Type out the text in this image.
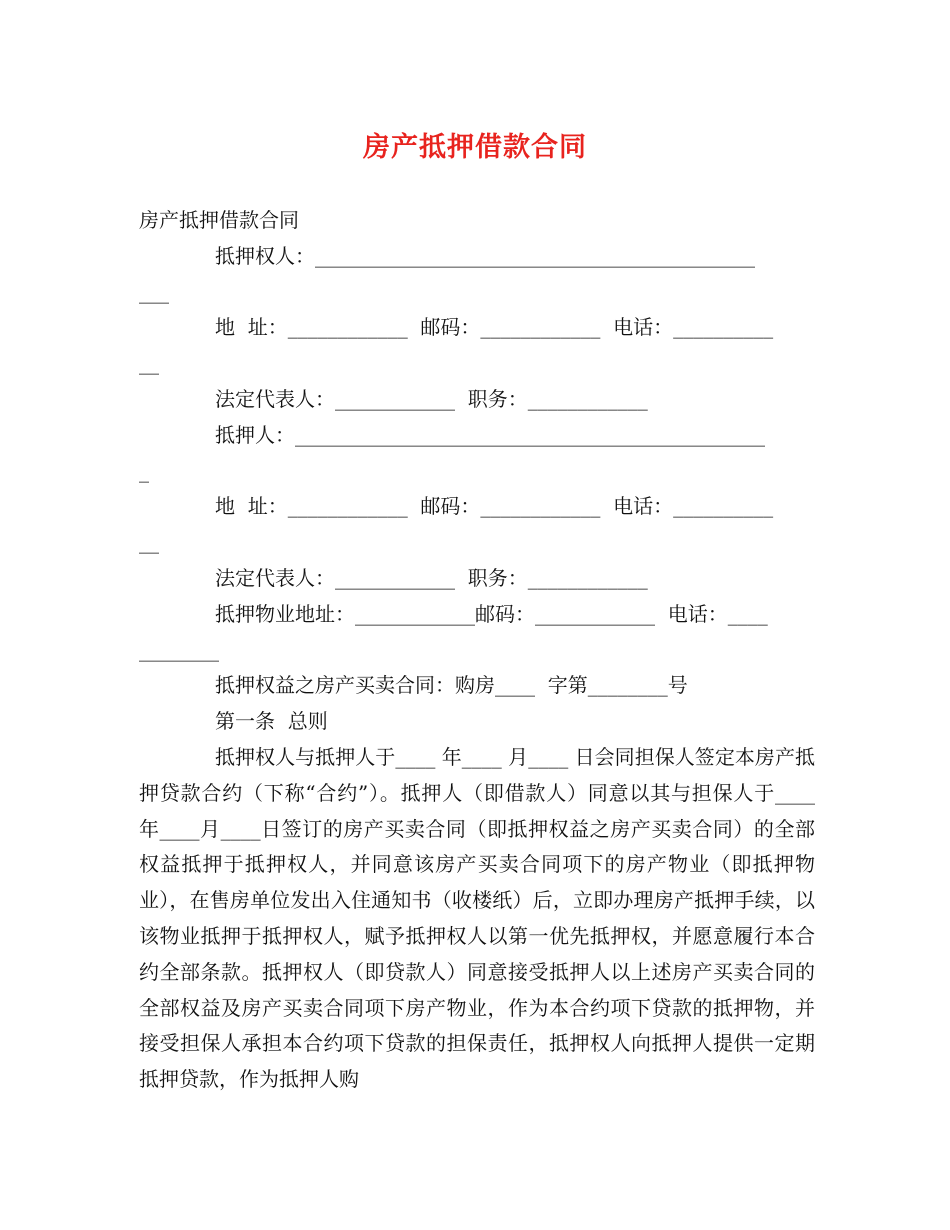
房产抵押借款合同
房产抵押借款合同
抵押权人：____________________________________________
___
地  址：____________  邮码：____________  电话：__________
__
法定代表人：____________  职务：____________
抵押人：_______________________________________________
_
地  址：____________  邮码：____________  电话：__________
__
法定代表人：____________  职务：____________
抵押物业地址：____________邮码：____________  电话：____
________
抵押权益之房产买卖合同：购房____  字第________号
第一条  总则
抵押权人与抵押人于____ 年____ 月____ 日会同担保人签定本房产抵押贷款合约（下称“合约”）。抵押人（即借款人）同意以其与担保人于____ 年____月____日签订的房产买卖合同（即抵押权益之房产买卖合同）的全部权益抵押于抵押权人，并同意该房产买卖合同项下的房产物业（即抵押物业），在售房单位发出入住通知书（收楼纸）后，立即办理房产抵押手续，以该物业抵押于抵押权人，赋予抵押权人以第一优先抵押权，并愿意履行本合约全部条款。抵押权人（即贷款人）同意接受抵押人以上述房产买卖合同的全部权益及房产买卖合同项下房产物业，作为本合约项下贷款的抵押物，并接受担保人承担本合约项下贷款的担保责任，抵押权人向抵押人提供一定期抵押贷款，作为抵押人购
